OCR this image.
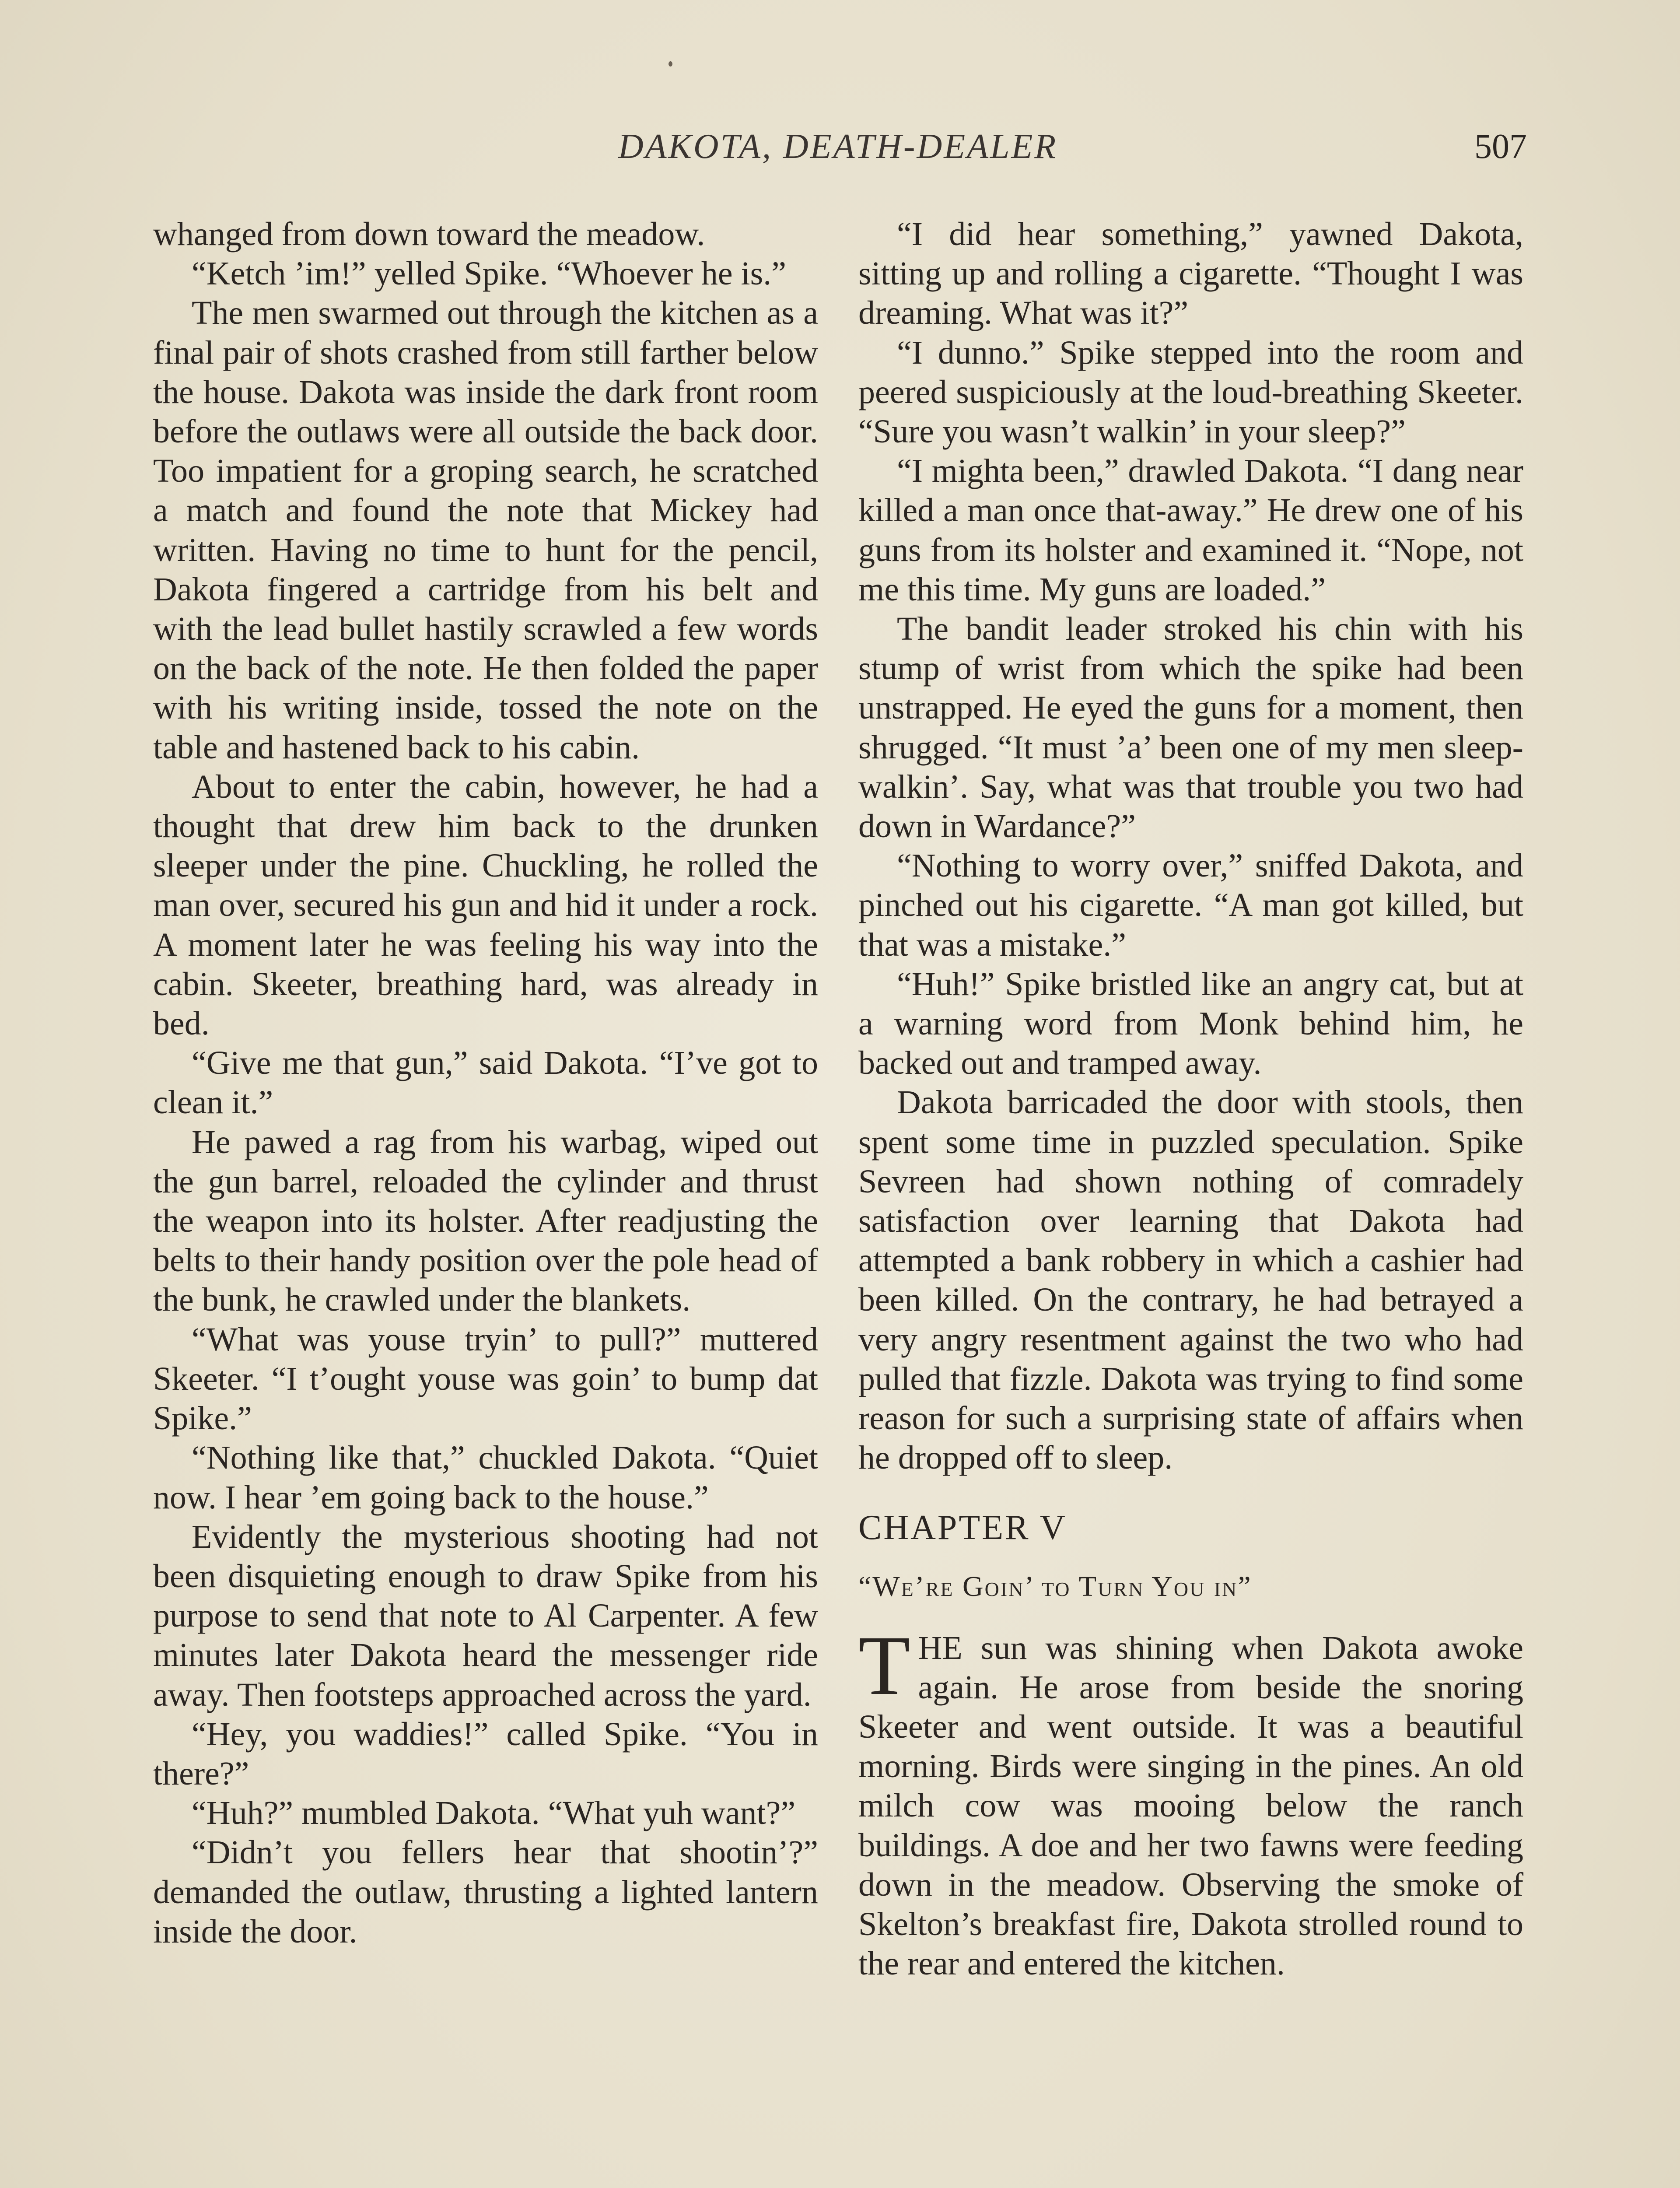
DAKOTA, DEATH-DEALER	507

whanged from down toward the meadow.

“Ketch ’im!” yelled Spike. “Whoever he is.”

The men swarmed out through the kitchen as a final pair of shots crashed from still farther below the house. Dakota was inside the dark front room before the outlaws were all outside the back door. Too impatient for a groping search, he scratched a match and found the note that Mickey had written. Having no time to hunt for the pencil, Dakota fingered a cartridge from his belt and with the lead bullet hastily scrawled a few words on the back of the note. He then folded the paper with his writing inside, tossed the note on the table and hastened back to his cabin.

About to enter the cabin, however, he had a thought that drew him back to the drunken sleeper under the pine. Chuckling, he rolled the man over, secured his gun and hid it under a rock. A moment later he was feeling his way into the cabin. Skeeter, breathing hard, was already in bed.

“Give me that gun,” said Dakota. “I’ve got to clean it.”

He pawed a rag from his warbag, wiped out the gun barrel, reloaded the cylinder and thrust the weapon into its holster. After readjusting the belts to their handy position over the pole head of the bunk, he crawled under the blankets.

“What was youse tryin’ to pull?” muttered Skeeter. “I t’ought youse was goin’ to bump dat Spike.”

“Nothing like that,” chuckled Dakota. “Quiet now. I hear ’em going back to the house.”

Evidently the mysterious shooting had not been disquieting enough to draw Spike from his purpose to send that note to Al Carpenter. A few minutes later Dakota heard the messenger ride away. Then footsteps approached across the yard.

“Hey, you waddies!” called Spike. “You in there?”

“Huh?” mumbled Dakota. “What yuh want?”

“Didn’t you fellers hear that shootin’?” demanded the outlaw, thrusting a lighted lantern inside the door.

“I did hear something,” yawned Dakota, sitting up and rolling a cigarette. “Thought I was dreaming. What was it?”

“I dunno.” Spike stepped into the room and peered suspiciously at the loud-breathing Skeeter. “Sure you wasn’t walkin’ in your sleep?”

“I mighta been,” drawled Dakota. “I dang near killed a man once that-away.” He drew one of his guns from its holster and examined it. “Nope, not me this time. My guns are loaded.”

The bandit leader stroked his chin with his stump of wrist from which the spike had been unstrapped. He eyed the guns for a moment, then shrugged. “It must ’a’ been one of my men sleep-walkin’. Say, what was that trouble you two had down in Wardance?”

“Nothing to worry over,” sniffed Dakota, and pinched out his cigarette. “A man got killed, but that was a mistake.”

“Huh!” Spike bristled like an angry cat, but at a warning word from Monk behind him, he backed out and tramped away.

Dakota barricaded the door with stools, then spent some time in puzzled speculation. Spike Sevreen had shown nothing of comradely satisfaction over learning that Dakota had attempted a bank robbery in which a cashier had been killed. On the contrary, he had betrayed a very angry resentment against the two who had pulled that fizzle. Dakota was trying to find some reason for such a surprising state of affairs when he dropped off to sleep.

CHAPTER V
“We’re Goin’ to Turn You in”

THE sun was shining when Dakota awoke again. He arose from beside the snoring Skeeter and went outside. It was a beautiful morning. Birds were singing in the pines. An old milch cow was mooing below the ranch buildings. A doe and her two fawns were feeding down in the meadow. Observing the smoke of Skelton’s breakfast fire, Dakota strolled round to the rear and entered the kitchen.
